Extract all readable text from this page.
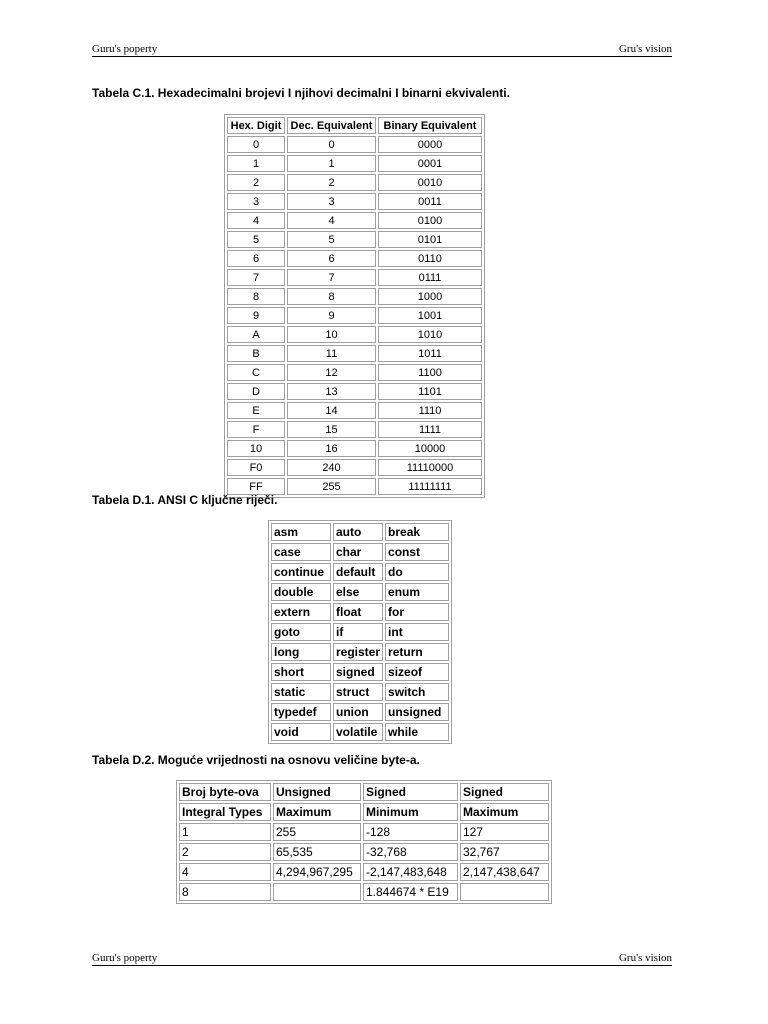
Guru's poperty	Gru's vision
Tabela C.1. Hexadecimalni brojevi I njihovi decimalni I binarni ekvivalenti.
Hex. Digit	Dec. Equivalent	Binary Equivalent
0	0	0000
1	1	0001
2	2	0010
3	3	0011
4	4	0100
5	5	0101
6	6	0110
7	7	0111
8	8	1000
9	9	1001
A	10	1010
B	11	1011
C	12	1100
D	13	1101
E	14	1110
F	15	1111
10	16	10000
F0	240	11110000
FF	255	11111111
Tabela D.1. ANSI C ključne riječi.
asm	auto	break
case	char	const
continue	default	do
double	else	enum
extern	float	for
goto	if	int
long	register	return
short	signed	sizeof
static	struct	switch
typedef	union	unsigned
void	volatile	while
Tabela D.2. Moguće vrijednosti na osnovu veličine byte-a.
Broj byte-ova	Unsigned	Signed	Signed
Integral Types	Maximum	Minimum	Maximum
1	255	-128	127
2	65,535	-32,768	32,767
4	4,294,967,295	-2,147,483,648	2,147,438,647
8		1.844674 * E19	
Guru's poperty	Gru's vision
